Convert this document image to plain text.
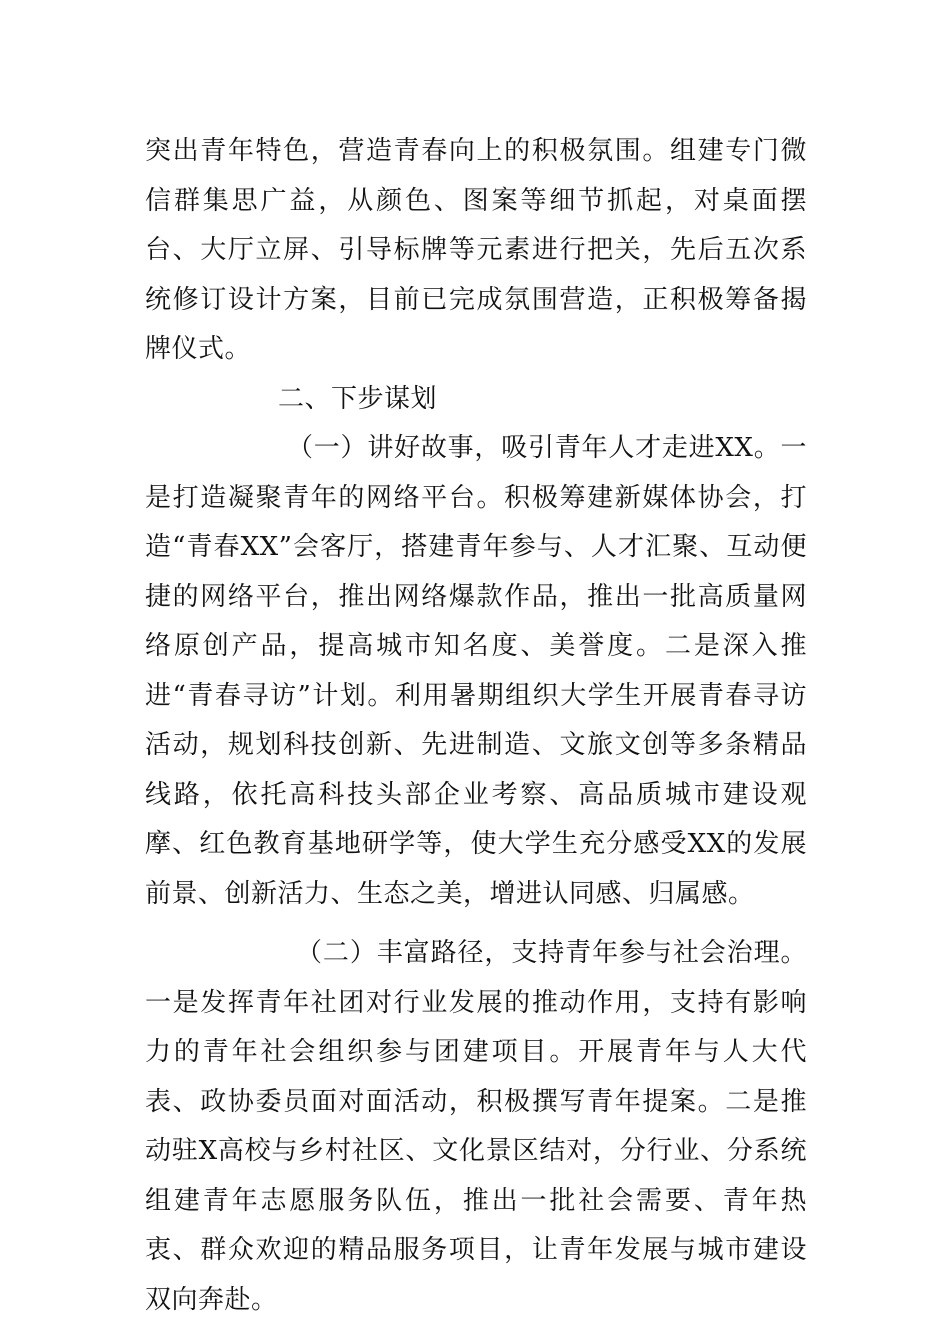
突出青年特色，营造青春向上的积极氛围。组建专门微信群集思广益，从颜色、图案等细节抓起，对桌面摆台、大厅立屏、引导标牌等元素进行把关，先后五次系统修订设计方案，目前已完成氛围营造，正积极筹备揭牌仪式。

二、下步谋划

（一）讲好故事，吸引青年人才走进XX。一是打造凝聚青年的网络平台。积极筹建新媒体协会，打造“青春XX”会客厅，搭建青年参与、人才汇聚、互动便捷的网络平台，推出网络爆款作品，推出一批高质量网络原创产品，提高城市知名度、美誉度。二是深入推进“青春寻访”计划。利用暑期组织大学生开展青春寻访活动，规划科技创新、先进制造、文旅文创等多条精品线路，依托高科技头部企业考察、高品质城市建设观摩、红色教育基地研学等，使大学生充分感受XX的发展前景、创新活力、生态之美，增进认同感、归属感。

（二）丰富路径，支持青年参与社会治理。一是发挥青年社团对行业发展的推动作用，支持有影响力的青年社会组织参与团建项目。开展青年与人大代表、政协委员面对面活动，积极撰写青年提案。二是推动驻X高校与乡村社区、文化景区结对，分行业、分系统组建青年志愿服务队伍，推出一批社会需要、青年热衷、群众欢迎的精品服务项目，让青年发展与城市建设双向奔赴。
